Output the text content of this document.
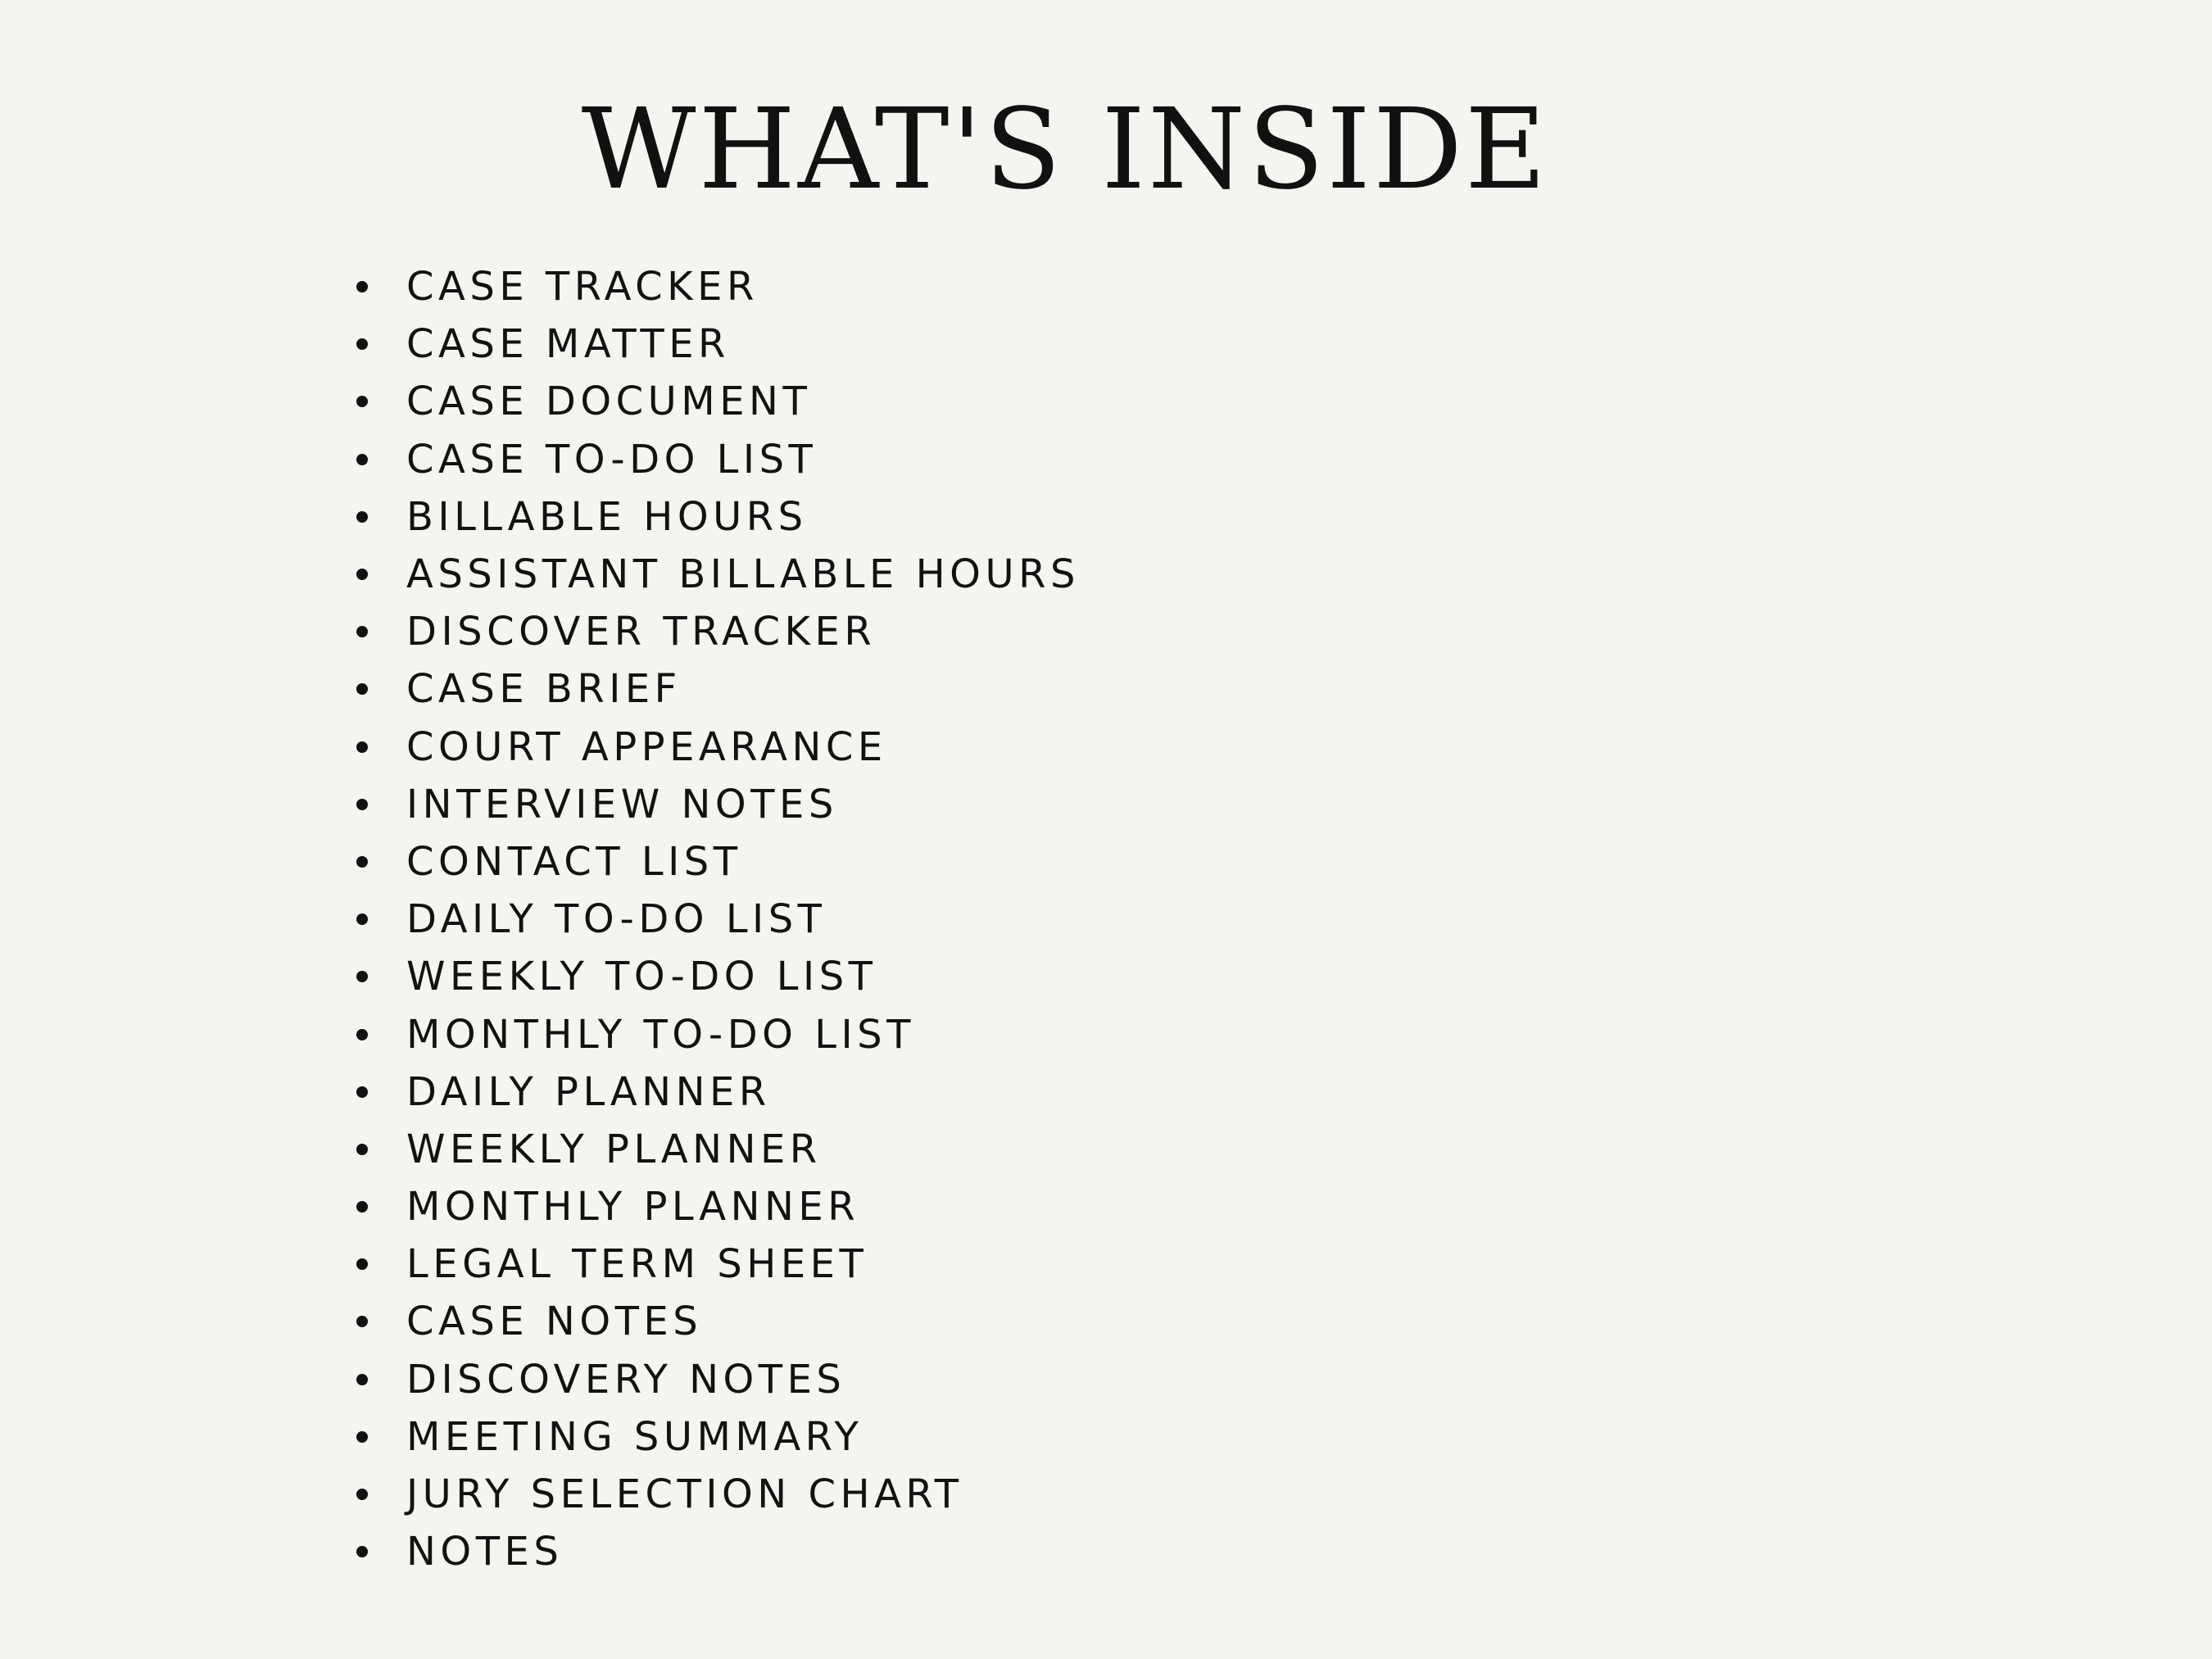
WHAT'S INSIDE
CASE TRACKER
CASE MATTER
CASE DOCUMENT
CASE TO-DO LIST
BILLABLE HOURS
ASSISTANT BILLABLE HOURS
DISCOVER TRACKER
CASE BRIEF
COURT APPEARANCE
INTERVIEW NOTES
CONTACT LIST
DAILY TO-DO LIST
WEEKLY TO-DO LIST
MONTHLY TO-DO LIST
DAILY PLANNER
WEEKLY PLANNER
MONTHLY PLANNER
LEGAL TERM SHEET
CASE NOTES
DISCOVERY NOTES
MEETING SUMMARY
JURY SELECTION CHART
NOTES
